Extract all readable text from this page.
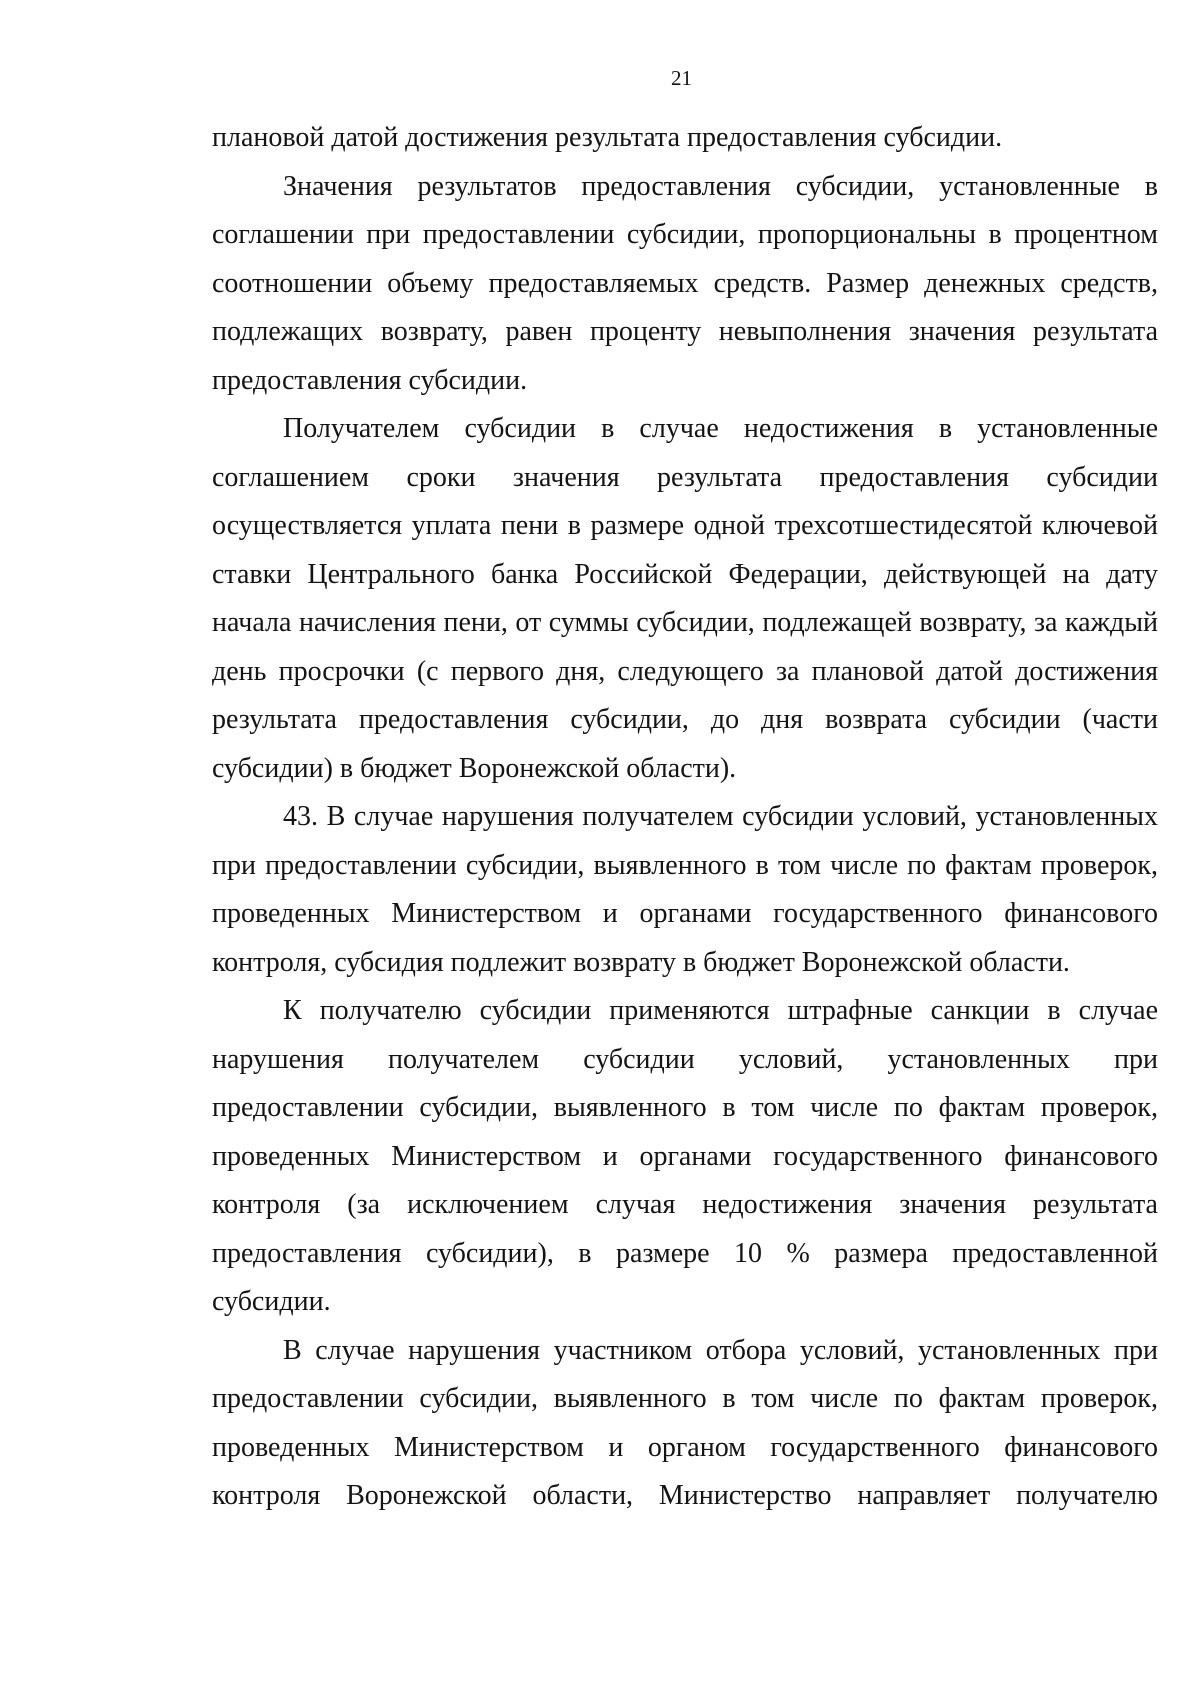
21

плановой датой достижения результата предоставления субсидии.

Значения результатов предоставления субсидии, установленные в соглашении при предоставлении субсидии, пропорциональны в процентном соотношении объему предоставляемых средств. Размер денежных средств, подлежащих возврату, равен проценту невыполнения значения результата предоставления субсидии.

Получателем субсидии в случае недостижения в установленные соглашением сроки значения результата предоставления субсидии осуществляется уплата пени в размере одной трехсотшестидесятой ключевой ставки Центрального банка Российской Федерации, действующей на дату начала начисления пени, от суммы субсидии, подлежащей возврату, за каждый день просрочки (с первого дня, следующего за плановой датой достижения результата предоставления субсидии, до дня возврата субсидии (части субсидии) в бюджет Воронежской области).

43. В случае нарушения получателем субсидии условий, установленных при предоставлении субсидии, выявленного в том числе по фактам проверок, проведенных Министерством и органами государственного финансового контроля, субсидия подлежит возврату в бюджет Воронежской области.

К получателю субсидии применяются штрафные санкции в случае нарушения получателем субсидии условий, установленных при предоставлении субсидии, выявленного в том числе по фактам проверок, проведенных Министерством и органами государственного финансового контроля (за исключением случая недостижения значения результата предоставления субсидии), в размере 10 % размера предоставленной субсидии.

В случае нарушения участником отбора условий, установленных при предоставлении субсидии, выявленного в том числе по фактам проверок, проведенных Министерством и органом государственного финансового контроля Воронежской области, Министерство направляет получателю
